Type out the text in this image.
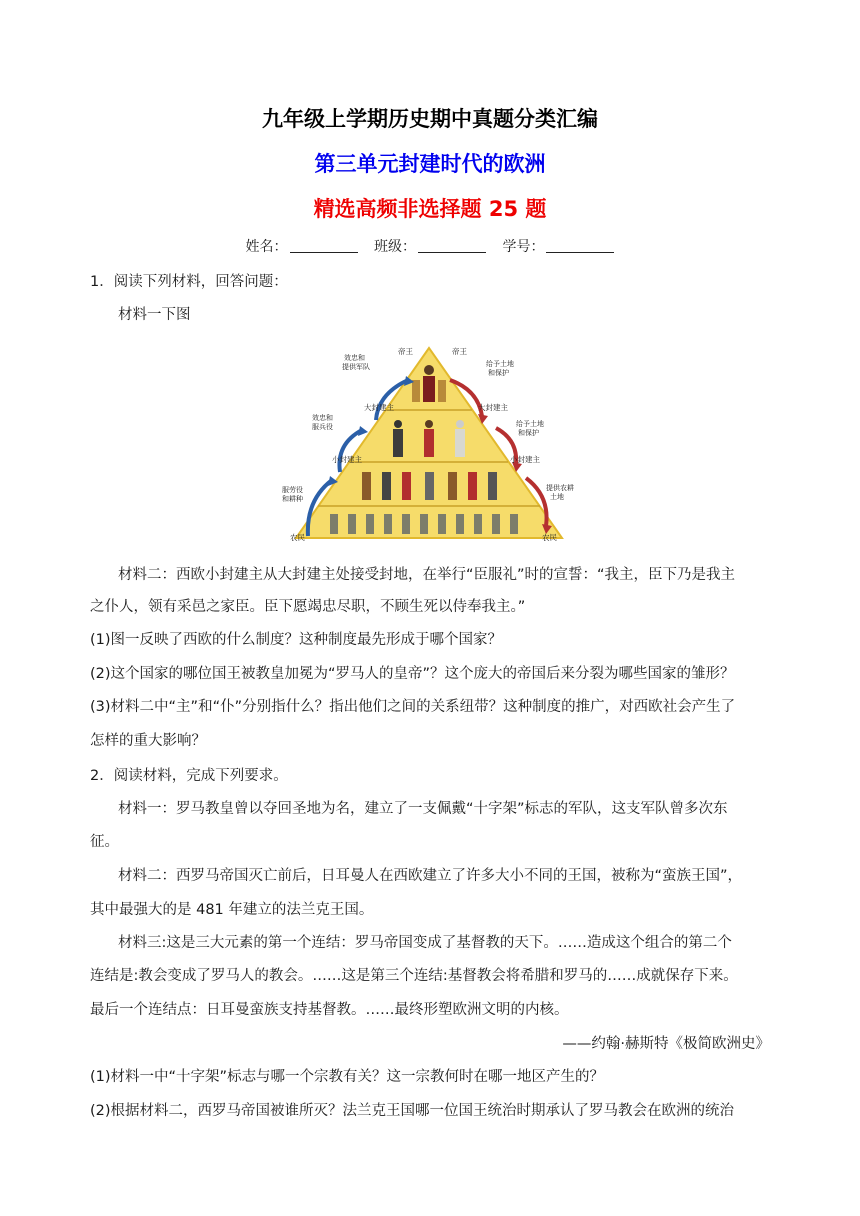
九年级上学期历史期中真题分类汇编
第三单元封建时代的欧洲
精选高频非选择题 25 题
姓名：	班级：	学号：
1．阅读下列材料，回答问题：
材料一下图
帝王	帝王
大封建主	大封建主
小封建主	小封建主
农民	农民
效忠和提供军队
效忠和服兵役
服劳役和耕种
给予土地和保护
给予土地和保护
提供农耕土地
材料二：西欧小封建主从大封建主处接受封地，在举行“臣服礼”时的宣誓：“我主，臣下乃是我主
之仆人，领有采邑之家臣。臣下愿竭忠尽职，不顾生死以侍奉我主。”
(1)图一反映了西欧的什么制度？这种制度最先形成于哪个国家？
(2)这个国家的哪位国王被教皇加冕为“罗马人的皇帝”？这个庞大的帝国后来分裂为哪些国家的雏形？
(3)材料二中“主”和“仆”分别指什么？指出他们之间的关系纽带？这种制度的推广，对西欧社会产生了
怎样的重大影响？
2．阅读材料，完成下列要求。
材料一：罗马教皇曾以夺回圣地为名，建立了一支佩戴“十字架”标志的军队，这支军队曾多次东
征。
材料二：西罗马帝国灭亡前后，日耳曼人在西欧建立了许多大小不同的王国，被称为“蛮族王国”，
其中最强大的是 481 年建立的法兰克王国。
材料三:这是三大元素的第一个连结：罗马帝国变成了基督教的天下。……造成这个组合的第二个
连结是:教会变成了罗马人的教会。……这是第三个连结:基督教会将希腊和罗马的……成就保存下来。
最后一个连结点：日耳曼蛮族支持基督教。……最终形塑欧洲文明的内核。
——约翰·赫斯特《极简欧洲史》
(1)材料一中“十字架”标志与哪一个宗教有关？这一宗教何时在哪一地区产生的？
(2)根据材料二，西罗马帝国被谁所灭？法兰克王国哪一位国王统治时期承认了罗马教会在欧洲的统治
